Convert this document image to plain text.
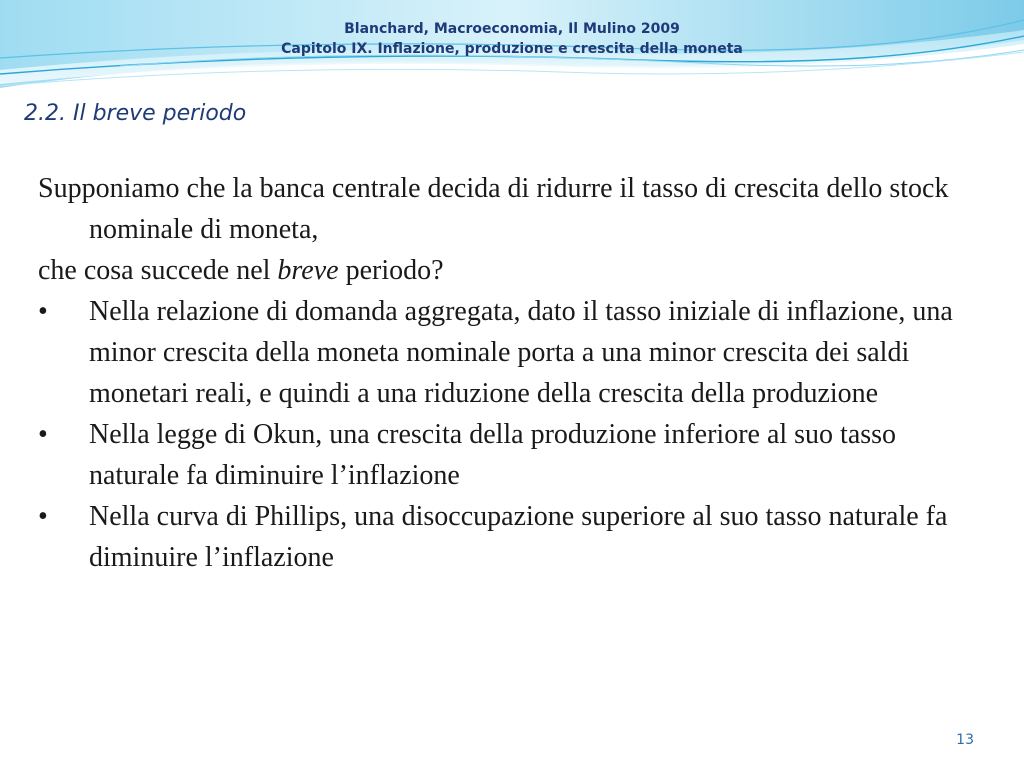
Blanchard, Macroeconomia, Il Mulino 2009
Capitolo IX. Inflazione, produzione e crescita della moneta
2.2. Il breve periodo
Supponiamo che la banca centrale decida di ridurre il tasso di crescita dello stock nominale di moneta,
che cosa succede nel breve periodo?
•	Nella relazione di domanda aggregata, dato il tasso iniziale di inflazione, una minor crescita della moneta nominale porta a una minor crescita dei saldi monetari reali, e quindi a una riduzione della crescita della produzione
•	Nella legge di Okun, una crescita della produzione inferiore al suo tasso naturale fa diminuire l’inflazione
•	Nella curva di Phillips, una disoccupazione superiore al suo tasso naturale fa diminuire l’inflazione
13
